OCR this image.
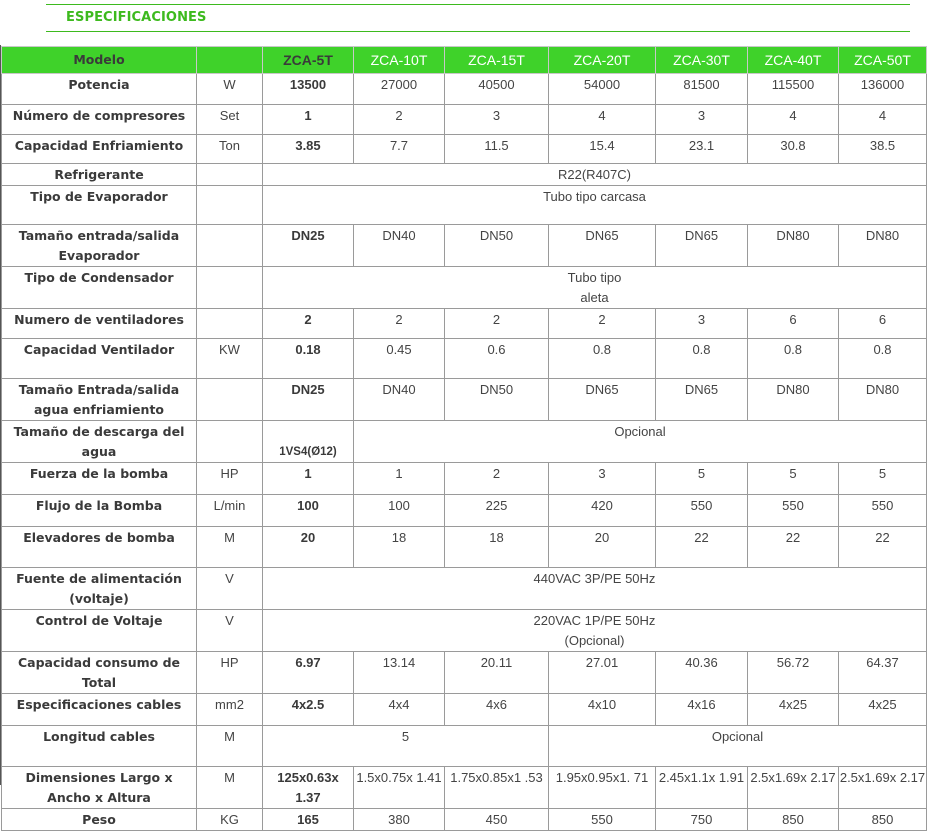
ESPECIFICACIONES
Modelo		ZCA-5T	ZCA-10T	ZCA-15T	ZCA-20T	ZCA-30T	ZCA-40T	ZCA-50T
Potencia	W	13500	27000	40500	54000	81500	115500	136000
Número de compresores	Set	1	2	3	4	3	4	4
Capacidad Enfriamiento	Ton	3.85	7.7	11.5	15.4	23.1	30.8	38.5
Refrigerante		R22(R407C)						
Tipo de Evaporador		Tubo tipo carcasa						
Tamaño entrada/salida Evaporador		DN25	DN40	DN50	DN65	DN65	DN80	DN80
Tipo de Condensador		Tubo tipo
aleta						
Numero de ventiladores		2	2	2	2	3	6	6
Capacidad Ventilador	KW	0.18	0.45	0.6	0.8	0.8	0.8	0.8
Tamaño Entrada/salida agua enfriamiento		DN25	DN40	DN50	DN65	DN65	DN80	DN80
Tamaño de descarga del agua		1VS4(Ø12)	Opcional					
Fuerza de la bomba	HP	1	1	2	3	5	5	5
Flujo de la Bomba	L/min	100	100	225	420	550	550	550
Elevadores de bomba	M	20	18	18	20	22	22	22
Fuente de alimentación (voltaje)	V	440VAC 3P/PE 50Hz						
Control de Voltaje	V	220VAC 1P/PE 50Hz
(Opcional)						
Capacidad consumo de Total	HP	6.97	13.14	20.11	27.01	40.36	56.72	64.37
Especificaciones cables	mm2	4x2.5	4x4	4x6	4x10	4x16	4x25	4x25
Longitud cables	M	5			Opcional			
Dimensiones Largo x Ancho x Altura	M	125x0.63x 1.37	1.5x0.75x 1.41	1.75x0.85x1 .53	1.95x0.95x1. 71	2.45x1.1x 1.91	2.5x1.69x 2.17	2.5x1.69x 2.17
Peso	KG	165	380	450	550	750	850	850
